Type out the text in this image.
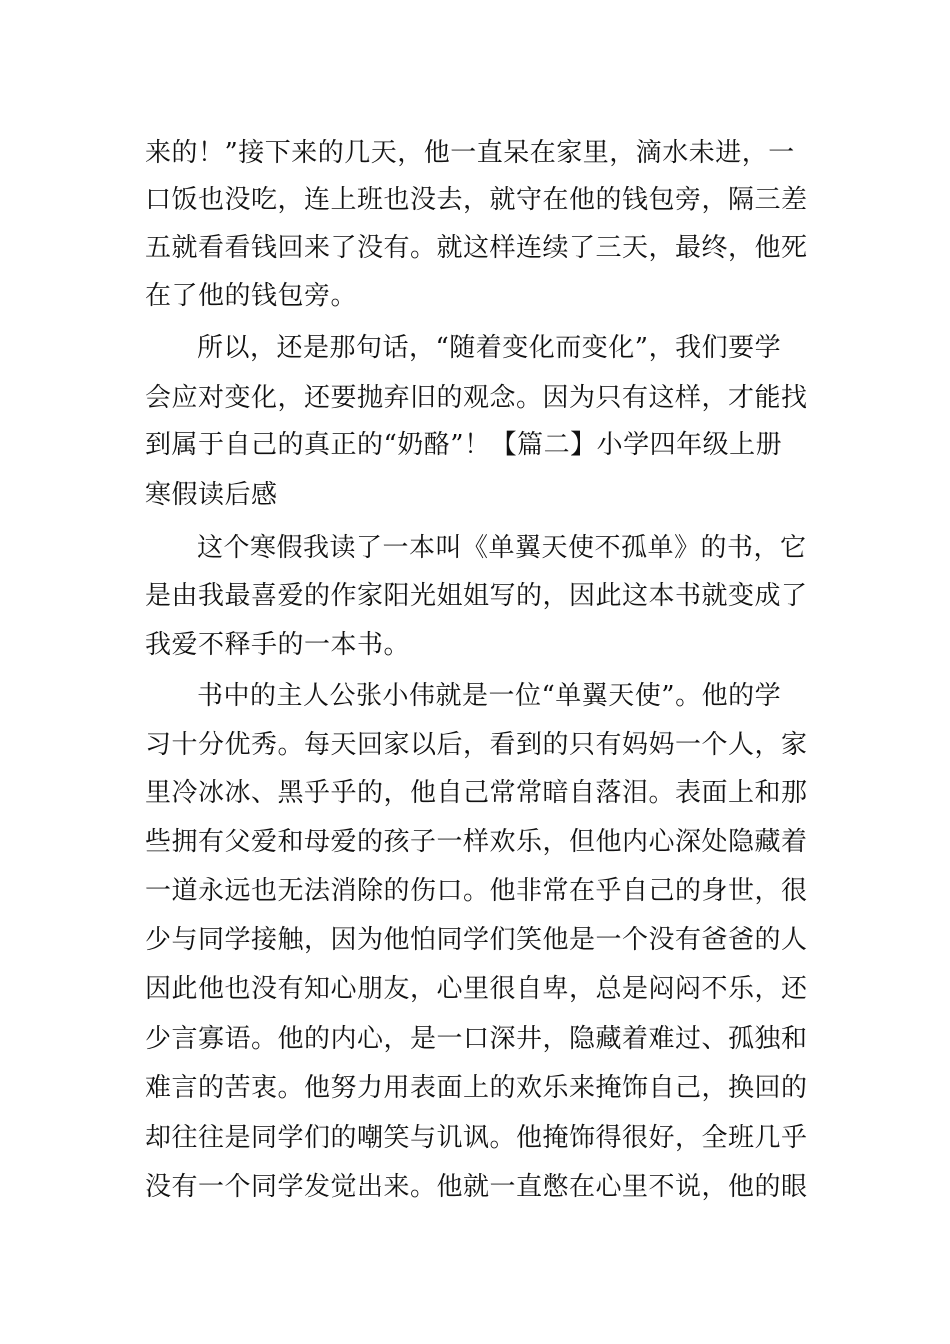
来的！”接下来的几天，他一直呆在家里，滴水未进，一
口饭也没吃，连上班也没去，就守在他的钱包旁，隔三差
五就看看钱回来了没有。就这样连续了三天，最终，他死
在了他的钱包旁。
所以，还是那句话，“随着变化而变化”，我们要学
会应对变化，还要抛弃旧的观念。因为只有这样，才能找
到属于自己的真正的“奶酪”！【篇二】小学四年级上册
寒假读后感
这个寒假我读了一本叫《单翼天使不孤单》的书，它
是由我最喜爱的作家阳光姐姐写的，因此这本书就变成了
我爱不释手的一本书。
书中的主人公张小伟就是一位“单翼天使”。他的学
习十分优秀。每天回家以后，看到的只有妈妈一个人，家
里冷冰冰、黑乎乎的，他自己常常暗自落泪。表面上和那
些拥有父爱和母爱的孩子一样欢乐，但他内心深处隐藏着
一道永远也无法消除的伤口。他非常在乎自己的身世，很
少与同学接触，因为他怕同学们笑他是一个没有爸爸的人
因此他也没有知心朋友，心里很自卑，总是闷闷不乐，还
少言寡语。他的内心，是一口深井，隐藏着难过、孤独和
难言的苦衷。他努力用表面上的欢乐来掩饰自己，换回的
却往往是同学们的嘲笑与讥讽。他掩饰得很好，全班几乎
没有一个同学发觉出来。他就一直憋在心里不说，他的眼
